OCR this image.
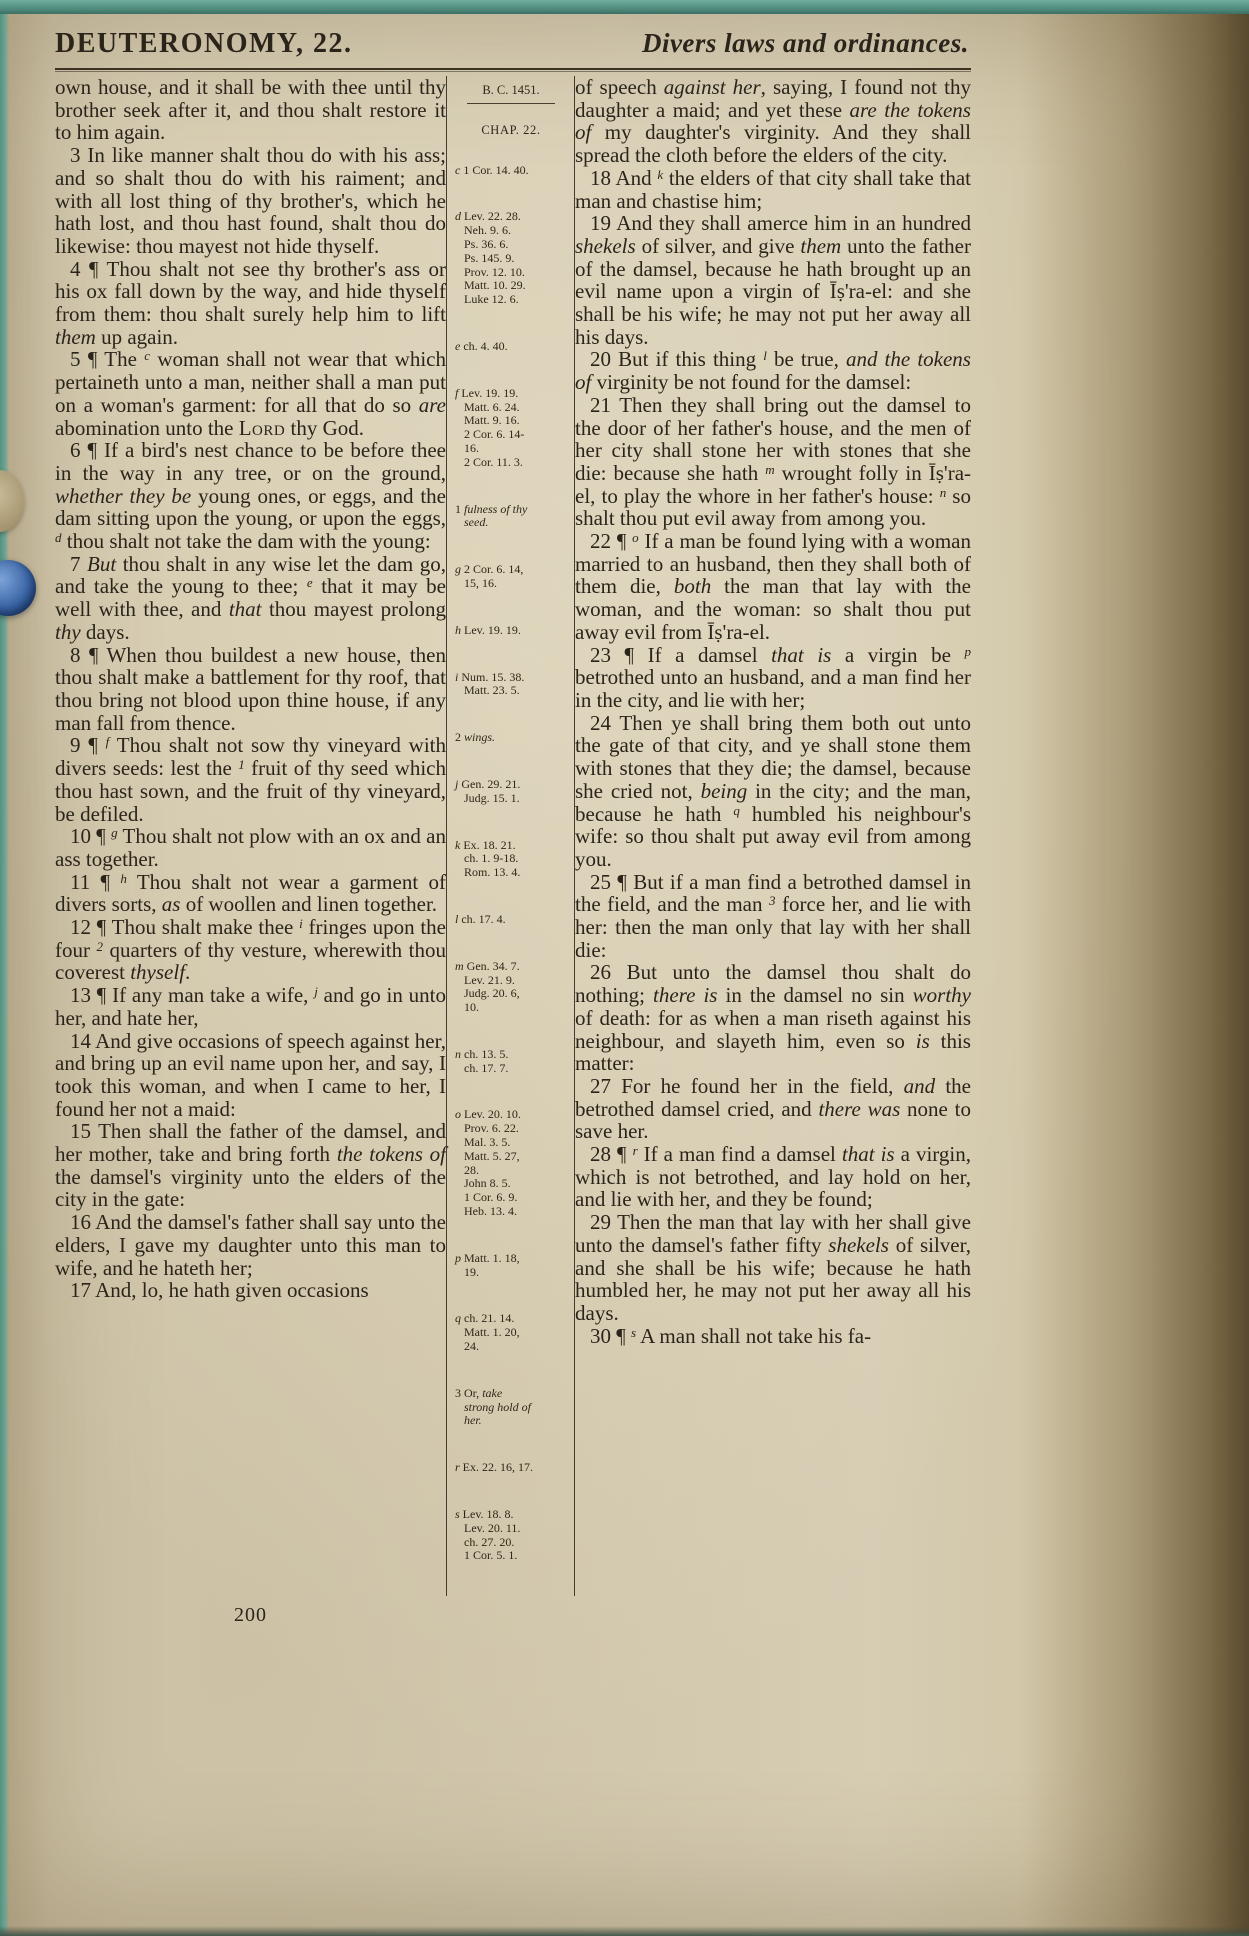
DEUTERONOMY, 22.	Divers laws and ordinances.

own house, and it shall be with thee until thy brother seek after it, and thou shalt restore it to him again.

3 In like manner shalt thou do with his ass; and so shalt thou do with his raiment; and with all lost thing of thy brother's, which he hath lost, and thou hast found, shalt thou do likewise: thou mayest not hide thyself.

4 ¶ Thou shalt not see thy brother's ass or his ox fall down by the way, and hide thyself from them: thou shalt surely help him to lift them up again.

5 ¶ The $^c$ woman shall not wear that which pertaineth unto a man, neither shall a man put on a woman's garment: for all that do so are abomination unto the Lord thy God.

6 ¶ If a bird's nest chance to be before thee in the way in any tree, or on the ground, whether they be young ones, or eggs, and the dam sitting upon the young, or upon the eggs, $^d$ thou shalt not take the dam with the young:

7 But thou shalt in any wise let the dam go, and take the young to thee; $^e$ that it may be well with thee, and that thou mayest prolong thy days.

8 ¶ When thou buildest a new house, then thou shalt make a battlement for thy roof, that thou bring not blood upon thine house, if any man fall from thence.

9 ¶ $^f$ Thou shalt not sow thy vineyard with divers seeds: lest the $^1$ fruit of thy seed which thou hast sown, and the fruit of thy vineyard, be defiled.

10 ¶ $^g$ Thou shalt not plow with an ox and an ass together.

11 ¶ $^h$ Thou shalt not wear a garment of divers sorts, as of woollen and linen together.

12 ¶ Thou shalt make thee $^i$ fringes upon the four $^2$ quarters of thy vesture, wherewith thou coverest thyself.

13 ¶ If any man take a wife, $^j$ and go in unto her, and hate her,

14 And give occasions of speech against her, and bring up an evil name upon her, and say, I took this woman, and when I came to her, I found her not a maid:

15 Then shall the father of the damsel, and her mother, take and bring forth the tokens of the damsel's virginity unto the elders of the city in the gate:

16 And the damsel's father shall say unto the elders, I gave my daughter unto this man to wife, and he hateth her;

17 And, lo, he hath given occasions

B. C. 1451.
CHAP. 22.
c 1 Cor. 14. 40.
d Lev. 22. 28.
Neh. 9. 6.
Ps. 36. 6.
Ps. 145. 9.
Prov. 12. 10.
Matt. 10. 29.
Luke 12. 6.
e ch. 4. 40.
f Lev. 19. 19.
Matt. 6. 24.
Matt. 9. 16.
2 Cor. 6. 14-
16.
2 Cor. 11. 3.
1 fulness of thy
seed.
g 2 Cor. 6. 14,
15, 16.
h Lev. 19. 19.
i Num. 15. 38.
Matt. 23. 5.
2 wings.
j Gen. 29. 21.
Judg. 15. 1.
k Ex. 18. 21.
ch. 1. 9-18.
Rom. 13. 4.
l ch. 17. 4.
m Gen. 34. 7.
Lev. 21. 9.
Judg. 20. 6,
10.
n ch. 13. 5.
ch. 17. 7.
o Lev. 20. 10.
Prov. 6. 22.
Mal. 3. 5.
Matt. 5. 27,
28.
John 8. 5.
1 Cor. 6. 9.
Heb. 13. 4.
p Matt. 1. 18,
19.
q ch. 21. 14.
Matt. 1. 20,
24.
3 Or, take
strong hold of
her.
r Ex. 22. 16, 17.
s Lev. 18. 8.
Lev. 20. 11.
ch. 27. 20.
1 Cor. 5. 1.

of speech against her, saying, I found not thy daughter a maid; and yet these are the tokens of my daughter's virginity. And they shall spread the cloth before the elders of the city.

18 And $^k$ the elders of that city shall take that man and chastise him;

19 And they shall amerce him in an hundred shekels of silver, and give them unto the father of the damsel, because he hath brought up an evil name upon a virgin of Īṣ'ra-el: and she shall be his wife; he may not put her away all his days.

20 But if this thing $^l$ be true, and the tokens of virginity be not found for the damsel:

21 Then they shall bring out the damsel to the door of her father's house, and the men of her city shall stone her with stones that she die: because she hath $^m$ wrought folly in Īṣ'ra-el, to play the whore in her father's house: $^n$ so shalt thou put evil away from among you.

22 ¶ $^o$ If a man be found lying with a woman married to an husband, then they shall both of them die, both the man that lay with the woman, and the woman: so shalt thou put away evil from Īṣ'ra-el.

23 ¶ If a damsel that is a virgin be $^p$ betrothed unto an husband, and a man find her in the city, and lie with her;

24 Then ye shall bring them both out unto the gate of that city, and ye shall stone them with stones that they die; the damsel, because she cried not, being in the city; and the man, because he hath $^q$ humbled his neighbour's wife: so thou shalt put away evil from among you.

25 ¶ But if a man find a betrothed damsel in the field, and the man $^3$ force her, and lie with her: then the man only that lay with her shall die:

26 But unto the damsel thou shalt do nothing; there is in the damsel no sin worthy of death: for as when a man riseth against his neighbour, and slayeth him, even so is this matter:

27 For he found her in the field, and the betrothed damsel cried, and there was none to save her.

28 ¶ $^r$ If a man find a damsel that is a virgin, which is not betrothed, and lay hold on her, and lie with her, and they be found;

29 Then the man that lay with her shall give unto the damsel's father fifty shekels of silver, and she shall be his wife; because he hath humbled her, he may not put her away all his days.

30 ¶ $^s$ A man shall not take his fa-

200
